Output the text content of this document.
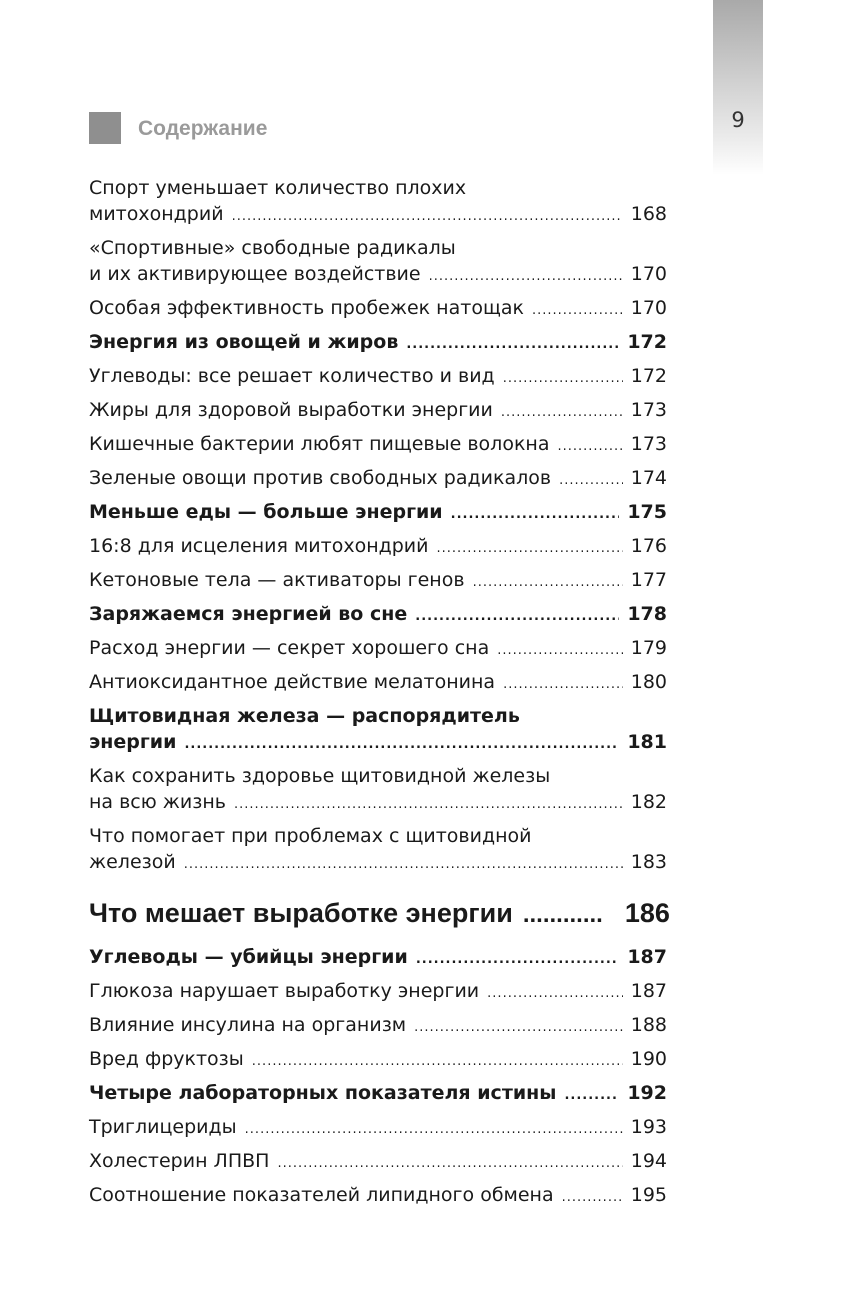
9
Содержание
Спорт уменьшает количество плохих
митохондрий .....	168
«Спортивные» свободные радикалы
и их активирующее воздействие .....	170
Особая эффективность пробежек натощак .....	170
Энергия из овощей и жиров .....	172
Углеводы: все решает количество и вид .....	172
Жиры для здоровой выработки энергии .....	173
Кишечные бактерии любят пищевые волокна .....	173
Зеленые овощи против свободных радикалов .....	174
Меньше еды — больше энергии .....	175
16:8 для исцеления митохондрий .....	176
Кетоновые тела — активаторы генов .....	177
Заряжаемся энергией во сне .....	178
Расход энергии — секрет хорошего сна .....	179
Антиоксидантное действие мелатонина .....	180
Щитовидная железа — распорядитель
энергии .....	181
Как сохранить здоровье щитовидной железы
на всю жизнь .....	182
Что помогает при проблемах с щитовидной
железой .....	183
Что мешает выработке энергии .....	186
Углеводы — убийцы энергии .....	187
Глюкоза нарушает выработку энергии .....	187
Влияние инсулина на организм .....	188
Вред фруктозы .....	190
Четыре лабораторных показателя истины .....	192
Триглицериды .....	193
Холестерин ЛПВП .....	194
Соотношение показателей липидного обмена .....	195
